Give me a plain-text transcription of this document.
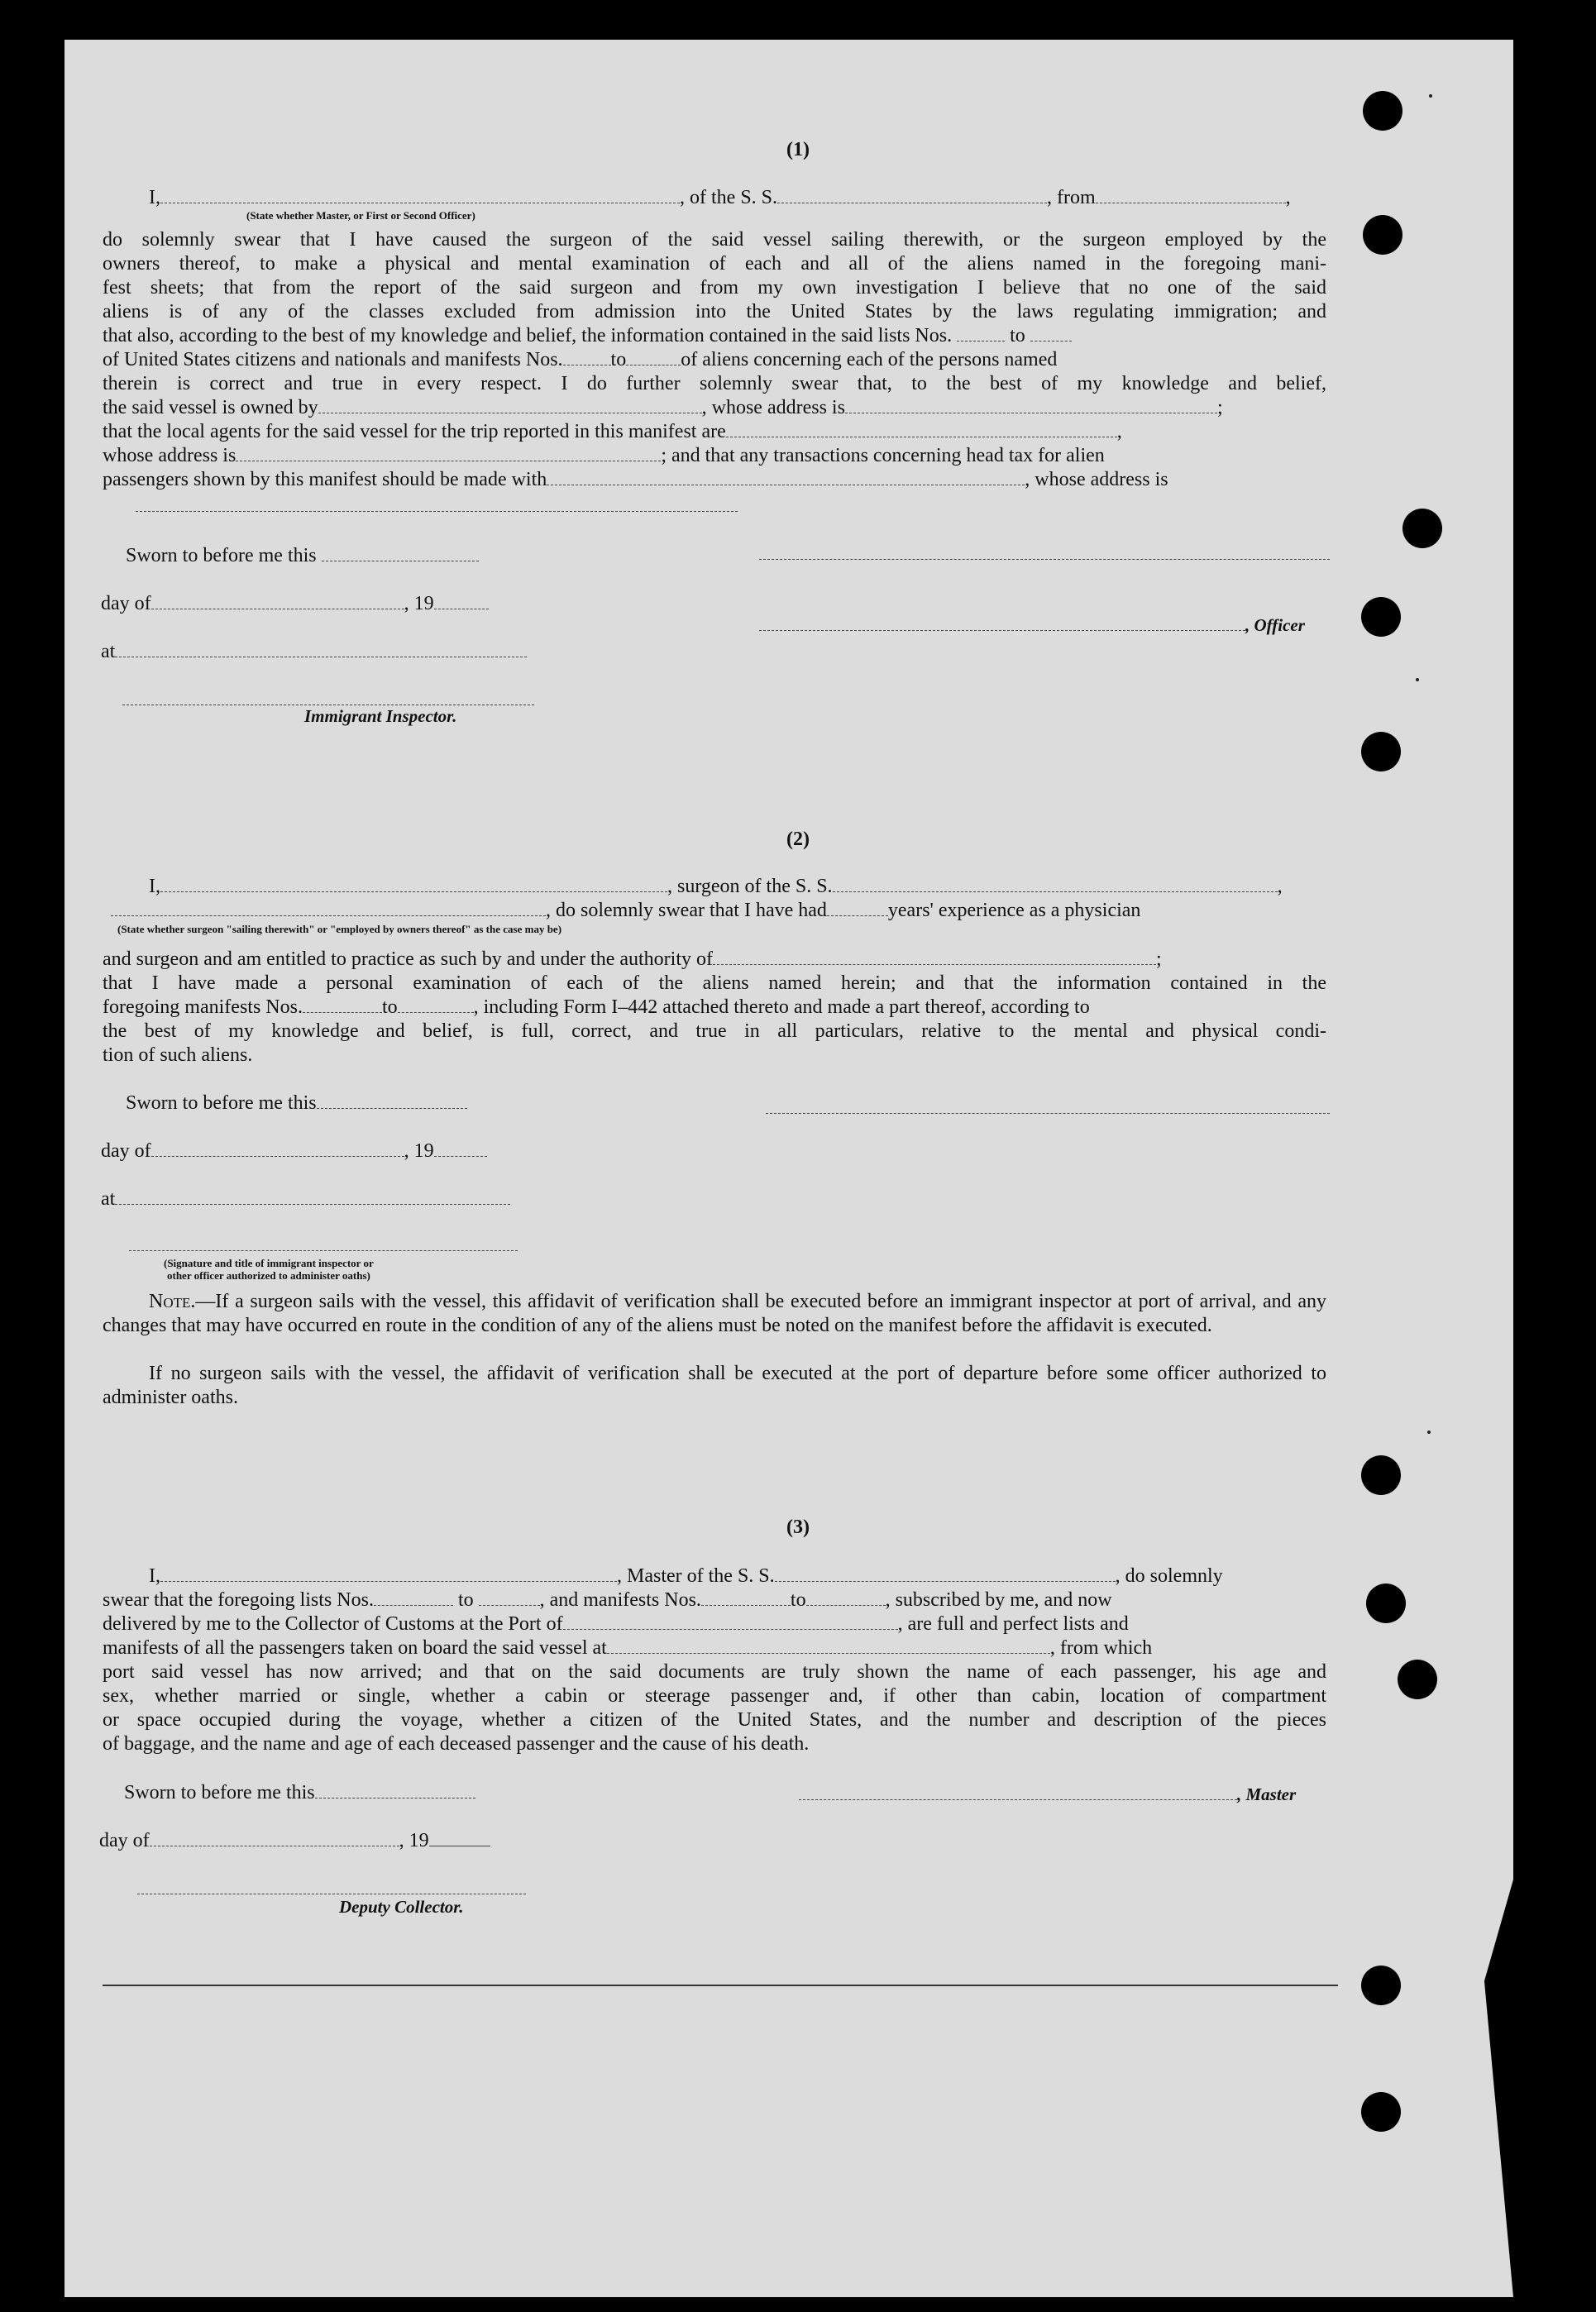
(1)
I,	, of the S. S.	, from	,
(State whether Master, or First or Second Officer)
do solemnly swear that I have caused the surgeon of the said vessel sailing therewith, or the surgeon employed by the
owners thereof, to make a physical and mental examination of each and all of the aliens named in the foregoing mani-
fest sheets; that from the report of the said surgeon and from my own investigation I believe that no one of the said
aliens is of any of the classes excluded from admission into the United States by the laws regulating immigration; and
that also, according to the best of my knowledge and belief, the information contained in the said lists Nos.	to
of United States citizens and nationals and manifests Nos. to	of aliens concerning each of the persons named
therein is correct and true in every respect. I do further solemnly swear that, to the best of my knowledge and belief,
the said vessel is owned by	, whose address is	;
that the local agents for the said vessel for the trip reported in this manifest are	,
whose address is	; and that any transactions concerning head tax for alien
passengers shown by this manifest should be made with	, whose address is
Sworn to before me this
day of	, 19
, Officer
at
Immigrant Inspector.
(2)
I,	, surgeon of the S. S.	,
, do solemnly swear that I have had	years' experience as a physician
(State whether surgeon "sailing therewith" or "employed by owners thereof" as the case may be)
and surgeon and am entitled to practice as such by and under the authority of	;
that I have made a personal examination of each of the aliens named herein; and that the information contained in the
foregoing manifests Nos.	to	, including Form I–442 attached thereto and made a part thereof, according to
the best of my knowledge and belief, is full, correct, and true in all particulars, relative to the mental and physical condi-
tion of such aliens.
Sworn to before me this
day of	, 19
at
(Signature and title of immigrant inspector or
other officer authorized to administer oaths)
Note.—If a surgeon sails with the vessel, this affidavit of verification shall be executed before an immigrant inspector at port of arrival, and any changes that may have occurred en route in the condition of any of the aliens must be noted on the manifest before the affidavit is executed.
If no surgeon sails with the vessel, the affidavit of verification shall be executed at the port of departure before some officer authorized to administer oaths.
(3)
I,	, Master of the S. S.	, do solemnly
swear that the foregoing lists Nos.	to	, and manifests Nos.	to	, subscribed by me, and now
delivered by me to the Collector of Customs at the Port of	, are full and perfect lists and
manifests of all the passengers taken on board the said vessel at	, from which
port said vessel has now arrived; and that on the said documents are truly shown the name of each passenger, his age and
sex, whether married or single, whether a cabin or steerage passenger and, if other than cabin, location of compartment
or space occupied during the voyage, whether a citizen of the United States, and the number and description of the pieces
of baggage, and the name and age of each deceased passenger and the cause of his death.
Sworn to before me this	, Master
day of	, 19
Deputy Collector.
